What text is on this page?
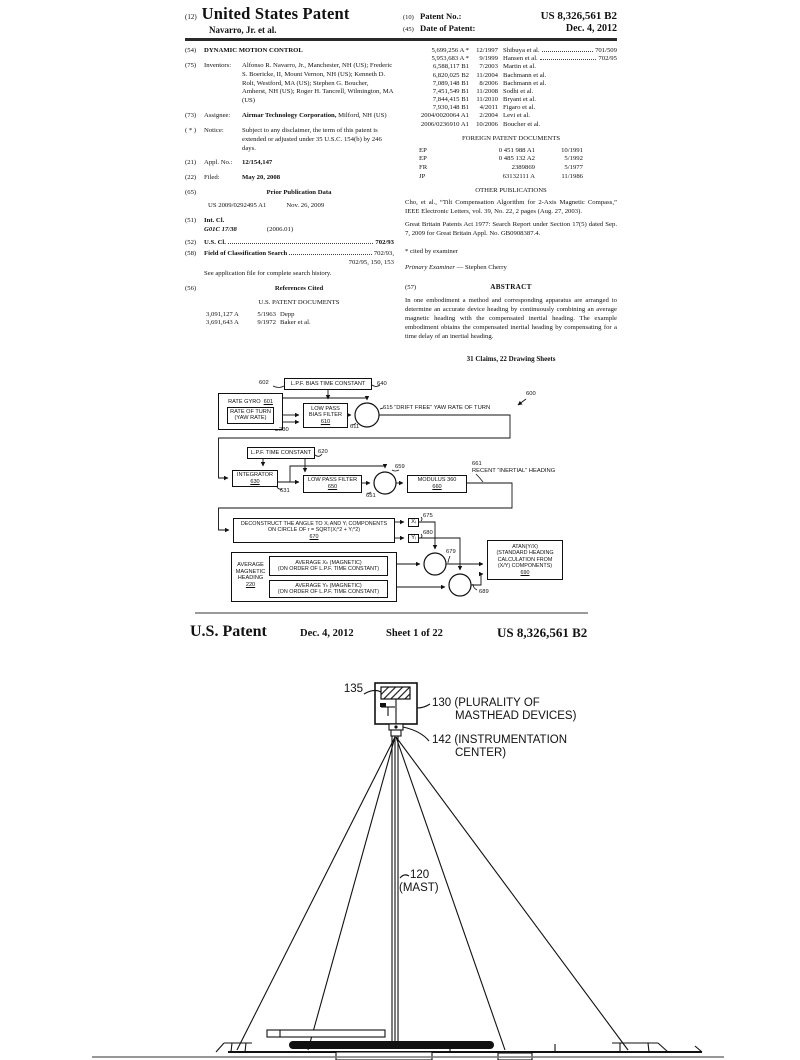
(12) United States Patent
Navarro, Jr. et al.
(10) Patent No.:	US 8,326,561 B2
(45) Date of Patent:	Dec. 4, 2012
(54)	DYNAMIC MOTION CONTROL
(75)	Inventors:	Alfonso R. Navarro, Jr., Manchester, NH (US); Frederic S. Boericke, II, Mount Vernon, NH (US); Kenneth D. Rolt, Westford, MA (US); Stephen G. Boucher, Amherst, NH (US); Roger H. Tancrell, Wilmington, MA (US)
(73)	Assignee:	Airmar Technology Corporation, Milford, NH (US)
( * )	Notice:	Subject to any disclaimer, the term of this patent is extended or adjusted under 35 U.S.C. 154(b) by 246 days.
(21)	Appl. No.:	12/154,147
(22)	Filed:	May 20, 2008
(65)	Prior Publication Data
US 2009/0292495 A1	Nov. 26, 2009
(51)	Int. Cl.
G01C 17/38	(2006.01)
(52)	U.S. Cl.	702/93
(58)	Field of Classification Search	702/93,
702/95, 150, 153
See application file for complete search history.
(56)	References Cited
U.S. PATENT DOCUMENTS
3,091,127 A	5/1963 Depp
3,691,643 A	9/1972 Baker et al.
5,699,256 A *	12/1997 Shibuya et al.	701/509
5,953,683 A *	9/1999 Hansen et al.	702/95
6,588,117 B1	7/2003 Martin et al.
6,820,025 B2	11/2004 Bachmann et al.
7,089,148 B1	8/2006 Bachmann et al.
7,451,549 B1	11/2008 Sodhi et al.
7,844,415 B1	11/2010 Bryant et al.
7,930,148 B1	4/2011 Figaro et al.
2004/0020064 A1	2/2004 Levi et al.
2006/0236910 A1	10/2006 Boucher et al.
FOREIGN PATENT DOCUMENTS
EP	0 451 988 A1	10/1991
EP	0 485 132 A2	5/1992
FR	2389869	5/1977
JP	63132111 A	11/1986
OTHER PUBLICATIONS
Cho, et al., “Tilt Compensation Algorithm for 2-Axis Magnetic Compass,” IEEE Electronic Letters, vol. 39, No. 22, 2 pages (Aug. 27, 2003).
Great Britain Patents Act 1977: Search Report under Section 17(5) dated Sep. 7, 2009 for Great Britain Appl. No. GB0908387.4.
* cited by examiner
Primary Examiner — Stephen Cherry
(57)	ABSTRACT
In one embodiment a method and corresponding apparatus are arranged to determine an accurate device heading by continuously combining an average magnetic heading with the compensated inertial heading. The example embodiment obtains the compensated inertial heading by compensating for a time delay of an inertial heading.
31 Claims, 22 Drawing Sheets
L.P.F. BIAS TIME CONSTANT
RATE GYRO 601
RATE OF TURN
(YAW RATE)
LOW PASS
BIAS FILTER
610
L.P.F. TIME CONSTANT
INTEGRATOR
630	LOW PASS FILTER
650
MODULUS 360
660
DECONSTRUCT THE ANGLE TO Xᵢ AND Yᵢ COMPONENTS
ON CIRCLE OF r = SQRT(Xᵢ^2 + Yᵢ^2)
670
Xᵢ
Yᵢ
AVERAGE
MAGNETIC
HEADING
220
AVERAGE Xₕ (MAGNETIC)
(ON ORDER OF L.P.F. TIME CONSTANT)
AVERAGE Yₕ (MAGNETIC)
(ON ORDER OF L.P.F. TIME CONSTANT)
ATAN(Y/X)
(STANDARD HEADING
CALCULATION FROM
(X/Y) COMPONENTS)
690
602	640
600
230	611
615 “DRIFT FREE” YAW RATE OF TURN
620
631
651
659	661
RECENT “INERTIAL” HEADING
675
680
679
689
U.S. Patent	Dec. 4, 2012	Sheet 1 of 22	US 8,326,561 B2
135
130 (PLURALITY OF
MASTHEAD DEVICES)
142 (INSTRUMENTATION
CENTER)
120
(MAST)
